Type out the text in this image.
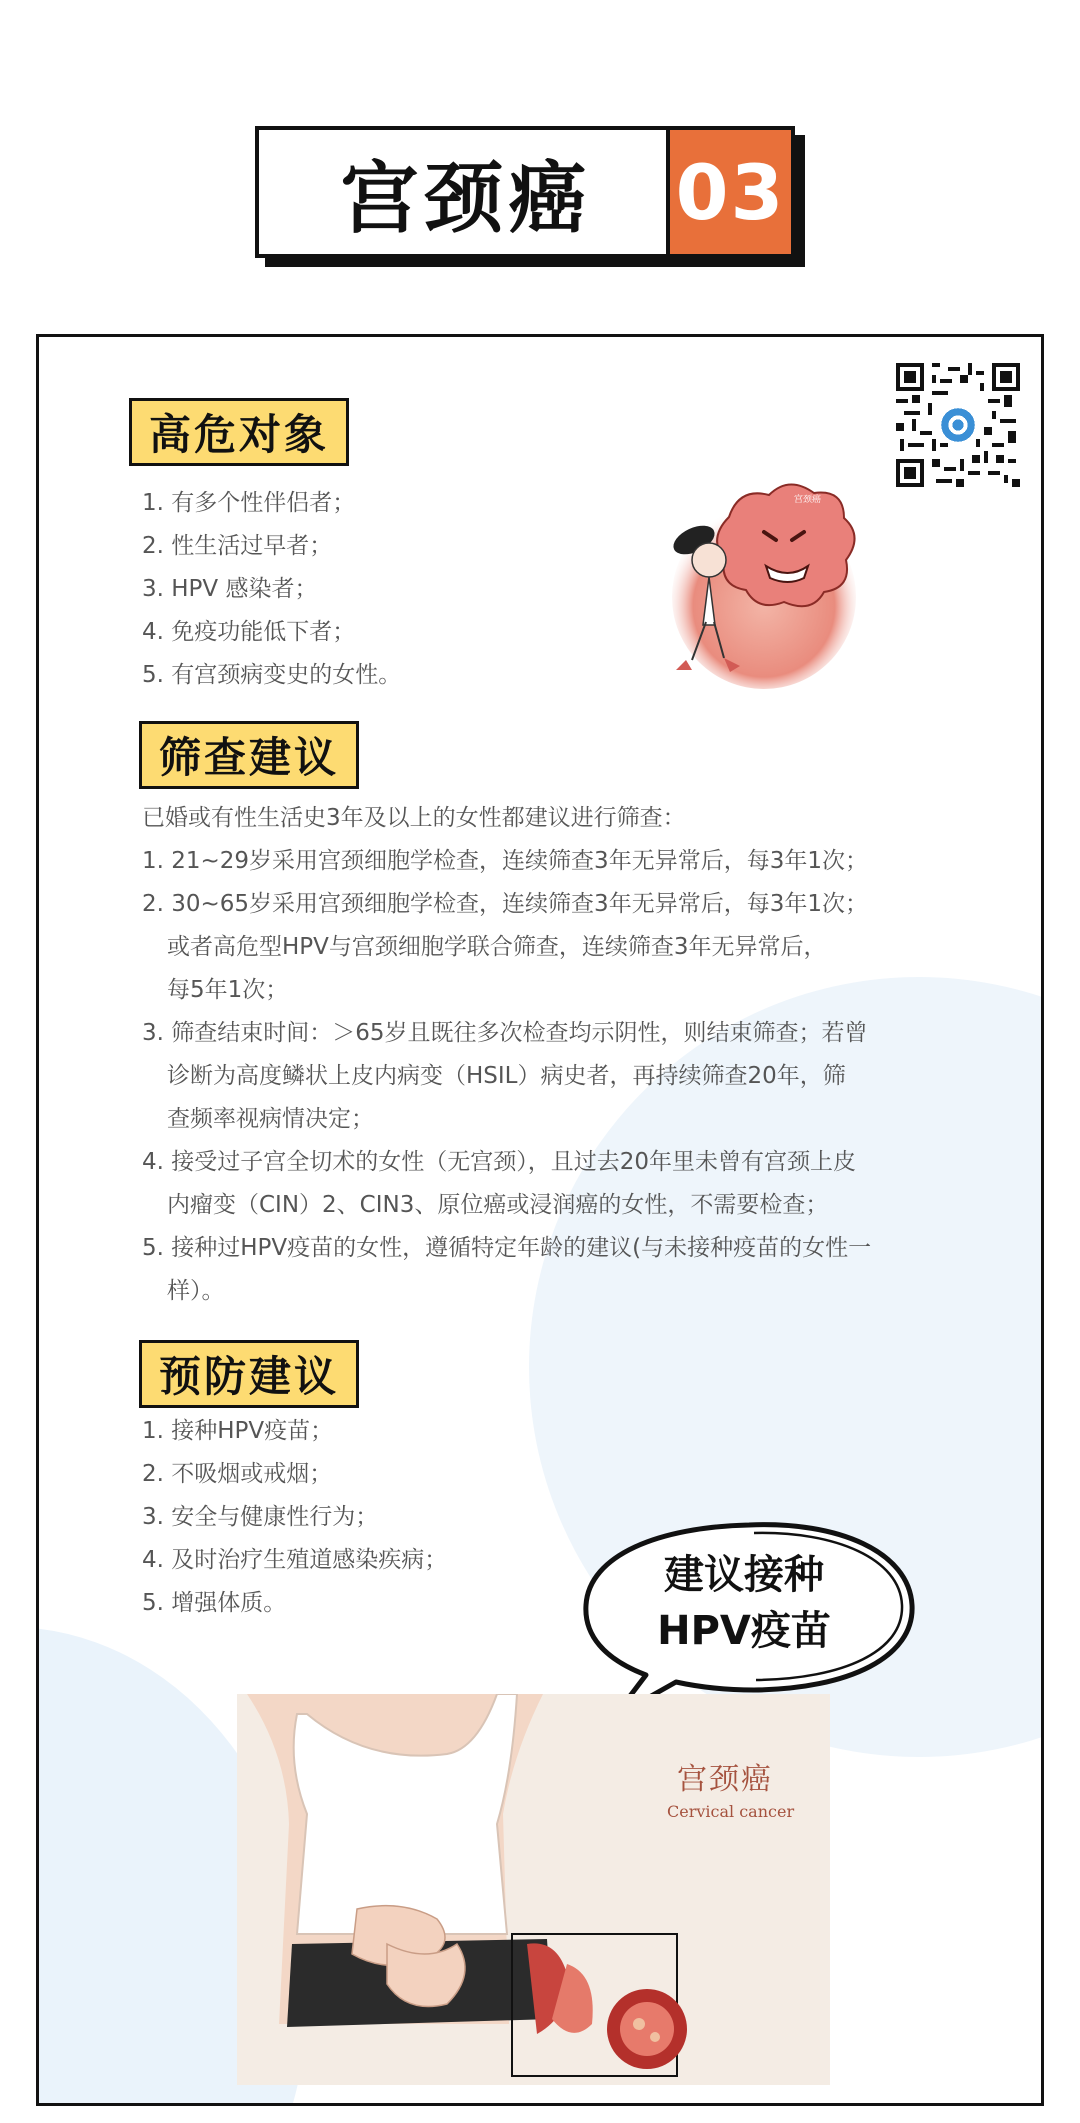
宫颈癌	03
高危对象
1. 有多个性伴侣者；
2. 性生活过早者；
3. HPV 感染者；
4. 免疫功能低下者；
5. 有宫颈病变史的女性。
宫颈癌
筛查建议
已婚或有性生活史3年及以上的女性都建议进行筛查：
1. 21~29岁采用宫颈细胞学检查，连续筛查3年无异常后，每3年1次；
2. 30~65岁采用宫颈细胞学检查，连续筛查3年无异常后，每3年1次；
或者高危型HPV与宫颈细胞学联合筛查，连续筛查3年无异常后，
每5年1次；
3. 筛查结束时间：＞65岁且既往多次检查均示阴性，则结束筛查；若曾
诊断为高度鳞状上皮内病变（HSIL）病史者，再持续筛查20年，筛
查频率视病情决定；
4. 接受过子宫全切术的女性（无宫颈），且过去20年里未曾有宫颈上皮
内瘤变（CIN）2、CIN3、原位癌或浸润癌的女性，不需要检查；
5. 接种过HPV疫苗的女性，遵循特定年龄的建议(与未接种疫苗的女性一
样）。
预防建议
1. 接种HPV疫苗；
2. 不吸烟或戒烟；
3. 安全与健康性行为；
4. 及时治疗生殖道感染疾病；
5. 增强体质。
建议接种
HPV疫苗
宫颈癌
Cervical cancer
